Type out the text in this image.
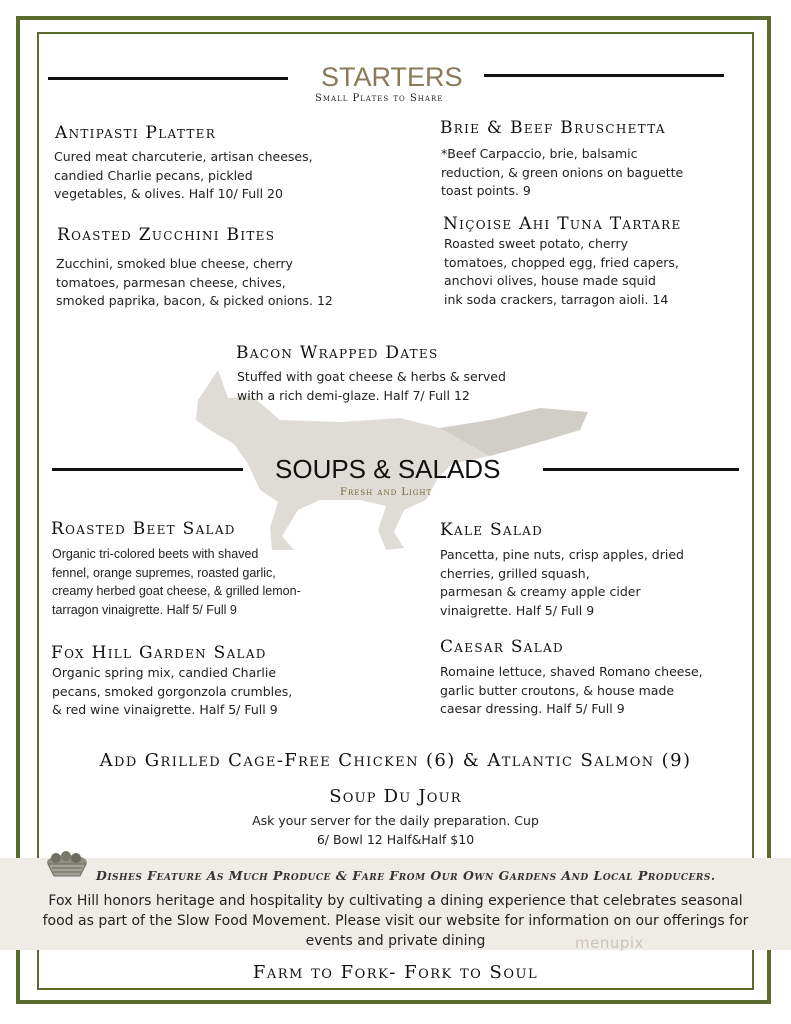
STARTERS
Small Plates to Share
Antipasti Platter
Cured meat charcuterie, artisan cheeses,
candied Charlie pecans, pickled
vegetables, & olives. Half 10/ Full 20
Brie & Beef Bruschetta
*Beef Carpaccio, brie, balsamic
reduction, & green onions on baguette
toast points. 9
Roasted Zucchini Bites
Zucchini, smoked blue cheese, cherry
tomatoes, parmesan cheese, chives,
smoked paprika, bacon, & picked onions. 12
Niçoise Ahi Tuna Tartare
Roasted sweet potato, cherry
tomatoes, chopped egg, fried capers,
anchovi olives, house made squid
ink soda crackers, tarragon aioli. 14
Bacon Wrapped Dates
Stuffed with goat cheese & herbs & served
with a rich demi-glaze. Half 7/ Full 12
SOUPS & SALADS
Fresh and Light
Roasted Beet Salad
Organic tri-colored beets with shaved
fennel, orange supremes, roasted garlic,
creamy herbed goat cheese, & grilled lemon-
tarragon vinaigrette. Half 5/ Full 9
Kale Salad
Pancetta, pine nuts, crisp apples, dried
cherries, grilled squash,
parmesan & creamy apple cider
vinaigrette. Half 5/ Full 9
Fox Hill Garden Salad
Organic spring mix, candied Charlie
pecans, smoked gorgonzola crumbles,
& red wine vinaigrette. Half 5/ Full 9
Caesar Salad
Romaine lettuce, shaved Romano cheese,
garlic butter croutons, & house made
caesar dressing. Half 5/ Full 9
Add Grilled Cage-Free Chicken (6) & Atlantic Salmon (9)
Soup Du Jour
Ask your server for the daily preparation. Cup
6/ Bowl 12 Half&Half $10
Dishes Feature As Much Produce & Fare From Our Own Gardens And Local Producers.
Fox Hill honors heritage and hospitality by cultivating a dining experience that celebrates seasonal food as part of the Slow Food Movement. Please visit our website for information on our offerings for events and private dining	menupix
Farm to Fork- Fork to Soul
